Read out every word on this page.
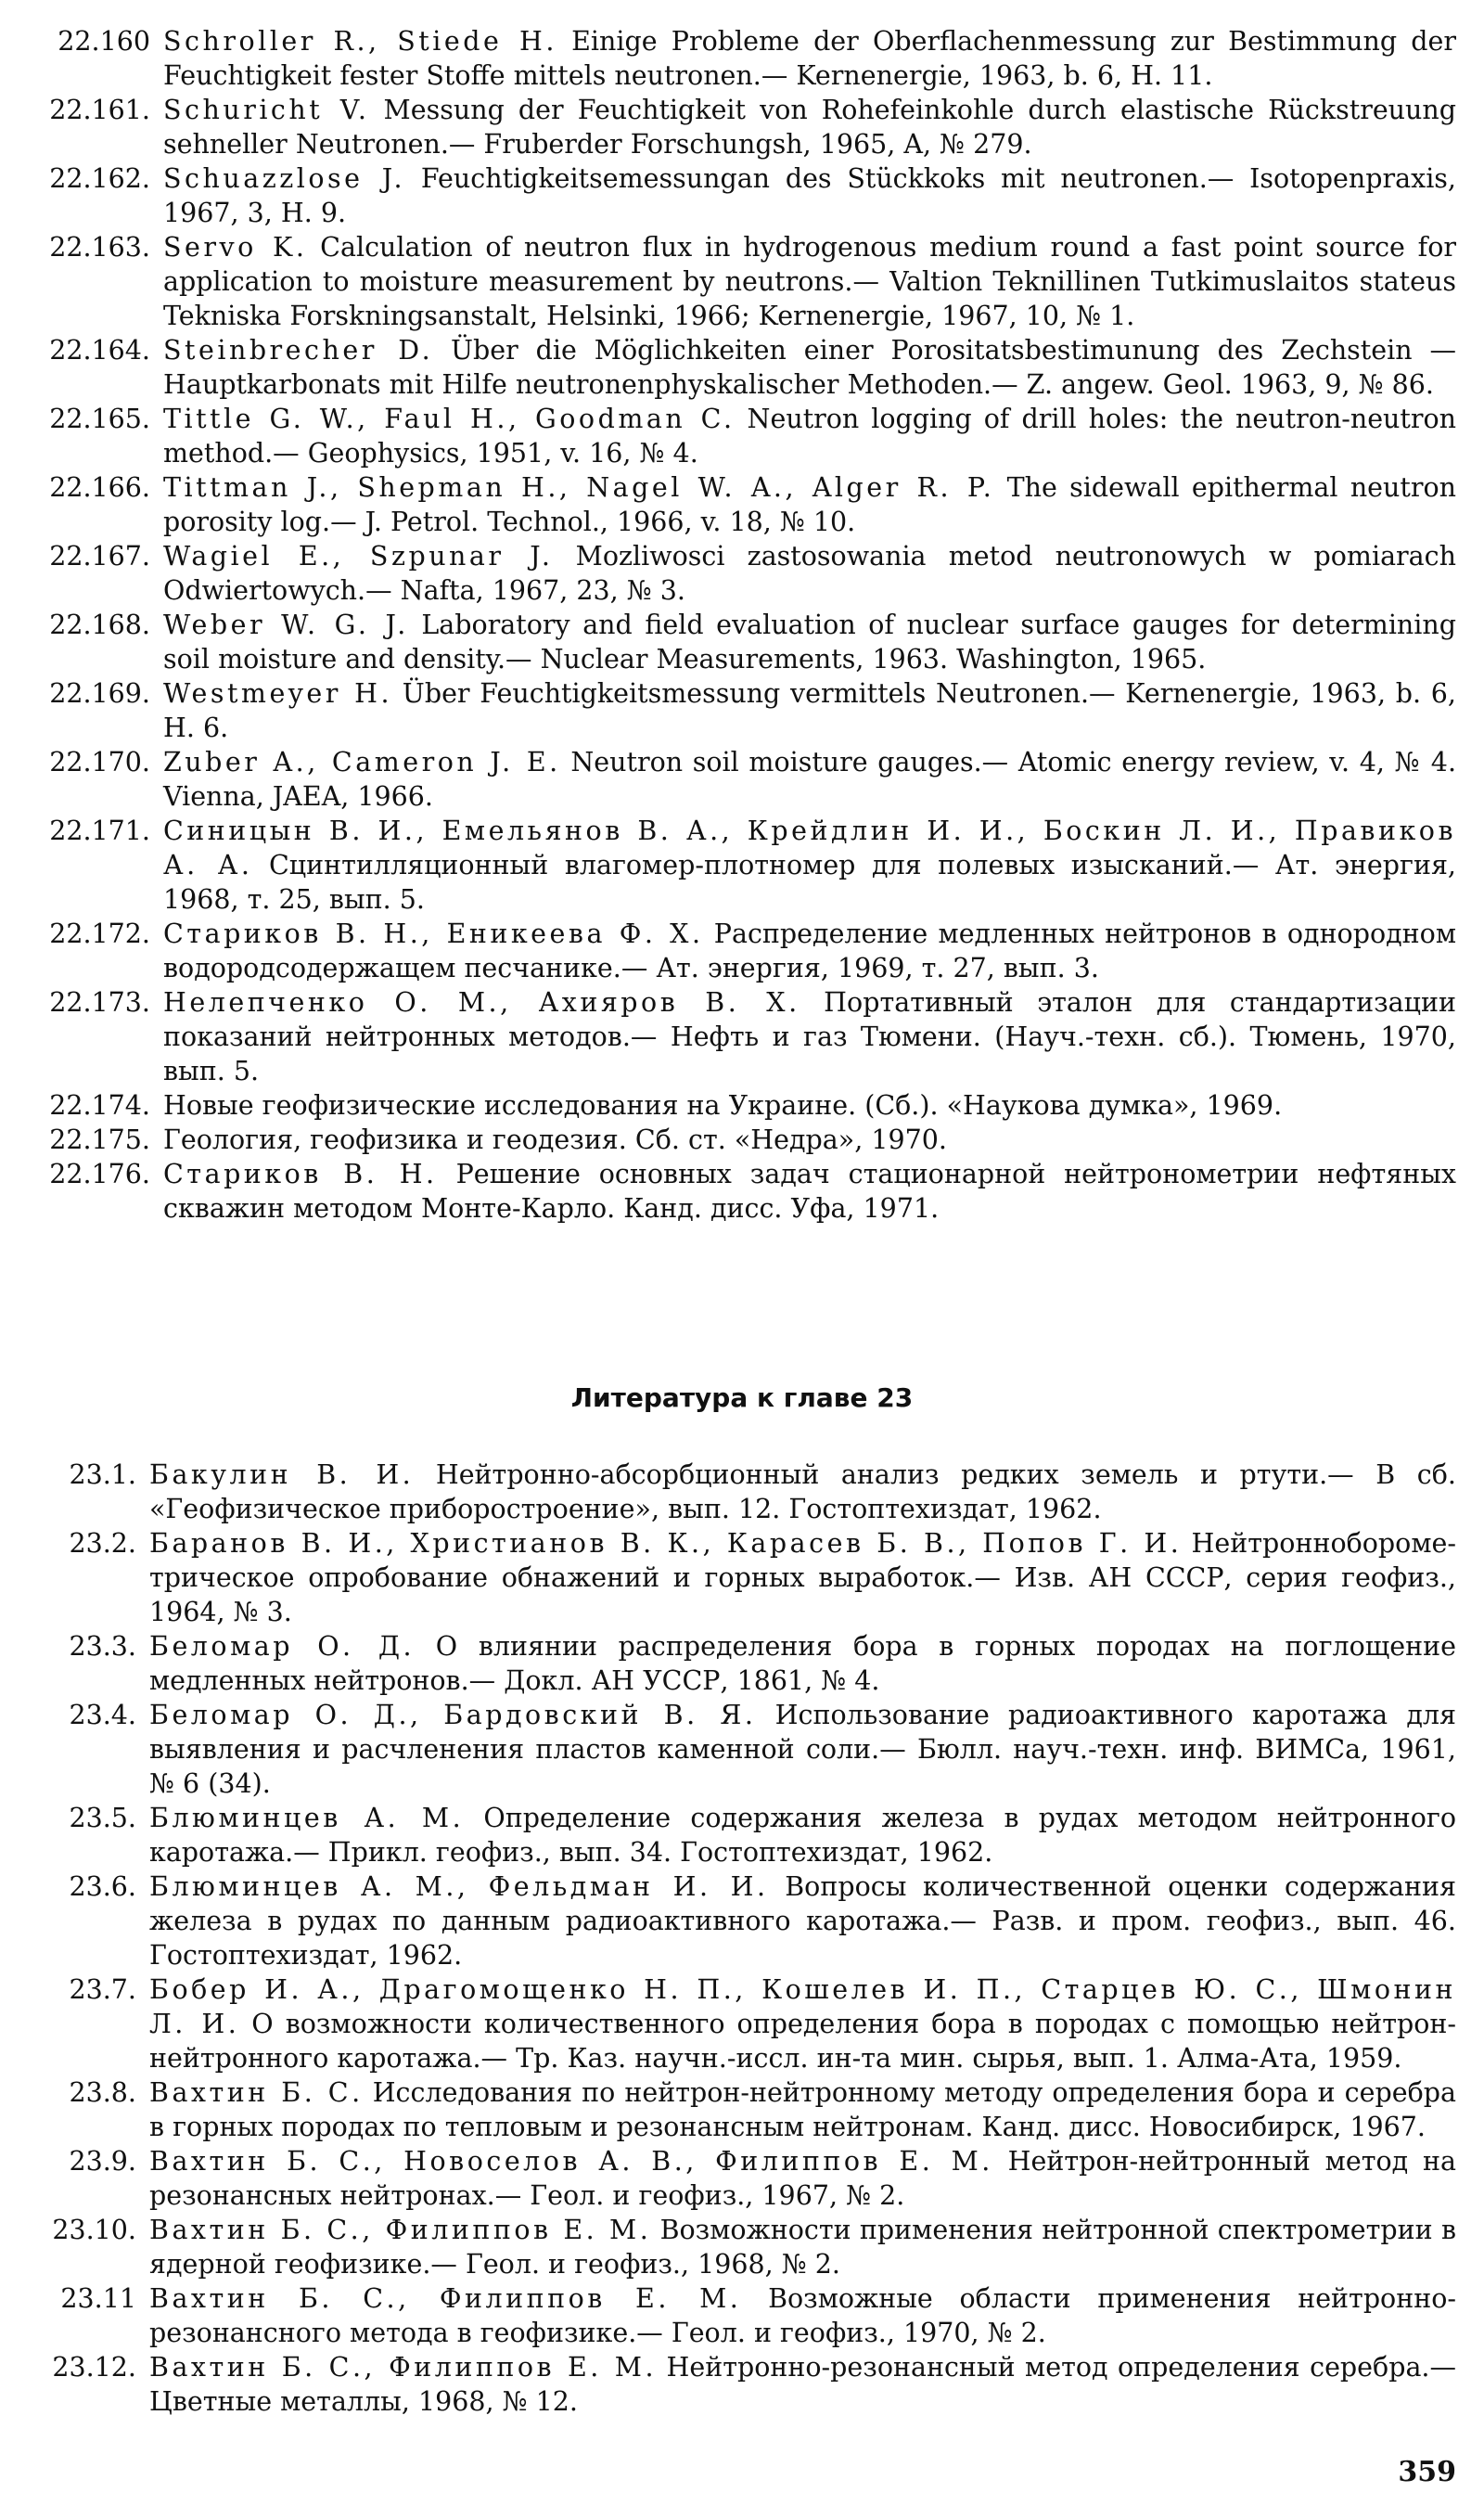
22.160 Schroller R., Stiede H. Einige Probleme der Oberflachenmessung zur Bestimmung der Feuchtigkeit fester Stoffe mittels neutronen.— Kernenergie, 1963, b. 6, H. 11.
22.161. Schuricht V. Messung der Feuchtigkeit von Rohefeinkohle durch elastische Rückstreuung sehneller Neutronen.— Fruberder Forschungsh, 1965, A, № 279.
22.162. Schuazzlose J. Feuchtigkeitsemessungan des Stückkoks mit neutronen.— Isotopenpraxis, 1967, 3, H. 9.
22.163. Servo K. Calculation of neutron flux in hydrogenous medium round a fast point source for application to moisture measurement by neutrons.— Valtion Teknillinen Tutkimuslaitos stateus Tekniska Forskningsanstalt, Helsinki, 1966; Kernenergie, 1967, 10, № 1.
22.164. Steinbrecher D. Über die Möglichkeiten einer Porositatsbestimunung des Zechstein — Hauptkarbonats mit Hilfe neutronenphyskalischer Methoden.— Z. angew. Geol. 1963, 9, № 86.
22.165. Tittle G. W., Faul H., Goodman C. Neutron logging of drill holes: the neutron-neutron method.— Geophysics, 1951, v. 16, № 4.
22.166. Tittman J., Shepman H., Nagel W. A., Alger R. P. The sidewall epithermal neutron porosity log.— J. Petrol. Technol., 1966, v. 18, № 10.
22.167. Wagiel E., Szpunar J. Mozliwosci zastosowania metod neutronowych w pomiarach Odwiertowych.— Nafta, 1967, 23, № 3.
22.168. Weber W. G. J. Laboratory and field evaluation of nuclear surface gauges for determining soil moisture and density.— Nuclear Measurements, 1963. Washington, 1965.
22.169. Westmeyer H. Über Feuchtigkeitsmessung vermittels Neutronen.— Kernenergie, 1963, b. 6, H. 6.
22.170. Zuber A., Cameron J. E. Neutron soil moisture gauges.— Atomic energy review, v. 4, № 4. Vienna, JAEA, 1966.
22.171. Синицын В. И., Емельянов В. А., Крейдлин И. И., Боскин Л. И., Правиков А. А. Сцинтилляционный влагомер-плотномер для полевых изысканий.— Ат. энергия, 1968, т. 25, вып. 5.
22.172. Стариков В. Н., Еникеева Ф. Х. Распределение медленных нейтронов в однородном водородсодержащем песчанике.— Ат. энергия, 1969, т. 27, вып. 3.
22.173. Нелепченко О. М., Ахияров В. Х. Портативный эталон для стандартизации показаний нейтронных методов.— Нефть и газ Тюмени. (Науч.-техн. сб.). Тюмень, 1970, вып. 5.
22.174. Новые геофизические исследования на Украине. (Сб.). «Наукова думка», 1969.
22.175. Геология, геофизика и геодезия. Сб. ст. «Недра», 1970.
22.176. Стариков В. Н. Решение основных задач стационарной нейтронометрии нефтяных скважин методом Монте-Карло. Канд. дисс. Уфа, 1971.
Литература к главе 23
23.1. Бакулин В. И. Нейтронно-абсорбционный анализ редких земель и ртути.— В сб. «Геофизическое приборостроение», вып. 12. Гостоптехиздат, 1962.
23.2. Баранов В. И., Христианов В. К., Карасев Б. В., Попов Г. И. Нейтронноборометрическое опробование обнажений и горных выработок.— Изв. АН СССР, серия геофиз., 1964, № 3.
23.3. Беломар О. Д. О влиянии распределения бора в горных породах на поглощение медленных нейтронов.— Докл. АН УССР, 1861, № 4.
23.4. Беломар О. Д., Бардовский В. Я. Использование радиоактивного каротажа для выявления и расчленения пластов каменной соли.— Бюлл. науч.-техн. инф. ВИМСа, 1961, № 6 (34).
23.5. Блюминцев А. М. Определение содержания железа в рудах методом нейтронного каротажа.— Прикл. геофиз., вып. 34. Гостоптехиздат, 1962.
23.6. Блюминцев А. М., Фельдман И. И. Вопросы количественной оценки содержания железа в рудах по данным радиоактивного каротажа.— Разв. и пром. геофиз., вып. 46. Гостоптехиздат, 1962.
23.7. Бобер И. А., Драгомощенко Н. П., Кошелев И. П., Старцев Ю. С., Шмонин Л. И. О возможности количественного определения бора в породах с помощью нейтрон-нейтронного каротажа.— Тр. Каз. научн.-иссл. ин-та мин. сырья, вып. 1. Алма-Ата, 1959.
23.8. Вахтин Б. С. Исследования по нейтрон-нейтронному методу определения бора и серебра в горных породах по тепловым и резонансным нейтронам. Канд. дисс. Новосибирск, 1967.
23.9. Вахтин Б. С., Новоселов А. В., Филиппов Е. М. Нейтрон-нейтронный метод на резонансных нейтронах.— Геол. и геофиз., 1967, № 2.
23.10. Вахтин Б. С., Филиппов Е. М. Возможности применения нейтронной спектрометрии в ядерной геофизике.— Геол. и геофиз., 1968, № 2.
23.11 Вахтин Б. С., Филиппов Е. М. Возможные области применения нейтронно-резонансного метода в геофизике.— Геол. и геофиз., 1970, № 2.
23.12. Вахтин Б. С., Филиппов Е. М. Нейтронно-резонансный метод определения серебра.— Цветные металлы, 1968, № 12.
359
